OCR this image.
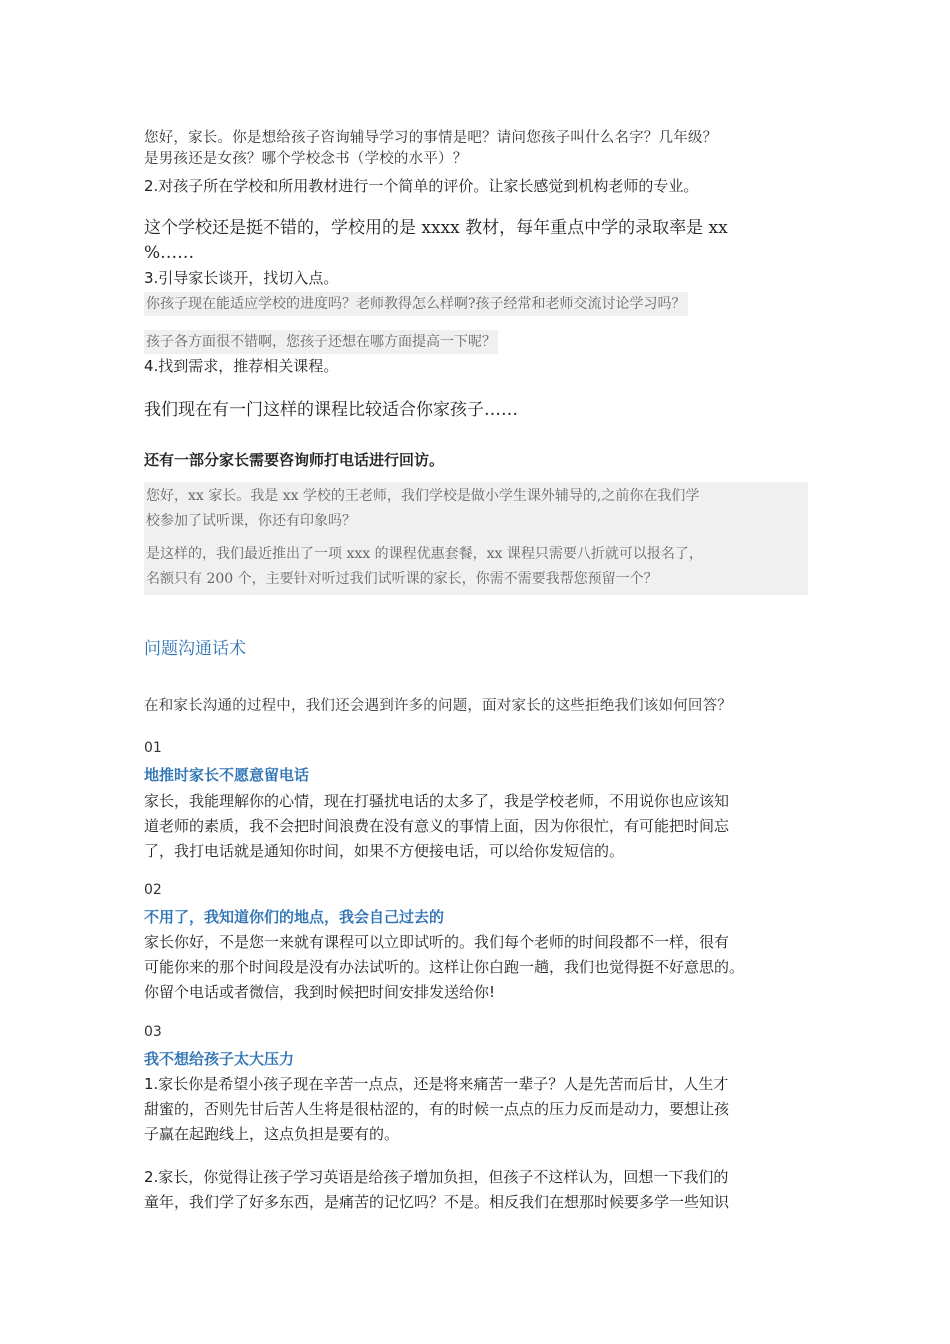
您好，家长。你是想给孩子咨询辅导学习的事情是吧？请问您孩子叫什么名字？几年级？
是男孩还是女孩？哪个学校念书（学校的水平）？
2.对孩子所在学校和所用教材进行一个简单的评价。让家长感觉到机构老师的专业。
这个学校还是挺不错的，学校用的是 xxxx 教材，每年重点中学的录取率是 xx
%……
3.引导家长谈开，找切入点。
你孩子现在能适应学校的进度吗？老师教得怎么样啊?孩子经常和老师交流讨论学习吗？
孩子各方面很不错啊，您孩子还想在哪方面提高一下呢？
4.找到需求，推荐相关课程。
我们现在有一门这样的课程比较适合你家孩子……
还有一部分家长需要咨询师打电话进行回访。
您好，xx 家长。我是 xx 学校的王老师，我们学校是做小学生课外辅导的,之前你在我们学
校参加了试听课，你还有印象吗？
是这样的，我们最近推出了一项 xxx 的课程优惠套餐，xx 课程只需要八折就可以报名了，
名额只有 200 个，主要针对听过我们试听课的家长，你需不需要我帮您预留一个？
问题沟通话术
在和家长沟通的过程中，我们还会遇到许多的问题，面对家长的这些拒绝我们该如何回答？
01
地推时家长不愿意留电话
家长，我能理解你的心情，现在打骚扰电话的太多了，我是学校老师，不用说你也应该知
道老师的素质，我不会把时间浪费在没有意义的事情上面，因为你很忙，有可能把时间忘
了，我打电话就是通知你时间，如果不方便接电话，可以给你发短信的。
02
不用了，我知道你们的地点，我会自己过去的
家长你好，不是您一来就有课程可以立即试听的。我们每个老师的时间段都不一样，很有
可能你来的那个时间段是没有办法试听的。这样让你白跑一趟，我们也觉得挺不好意思的。
你留个电话或者微信，我到时候把时间安排发送给你!
03
我不想给孩子太大压力
1.家长你是希望小孩子现在辛苦一点点，还是将来痛苦一辈子？人是先苦而后甘，人生才
甜蜜的，否则先甘后苦人生将是很枯涩的，有的时候一点点的压力反而是动力，要想让孩
子赢在起跑线上，这点负担是要有的。
2.家长，你觉得让孩子学习英语是给孩子增加负担，但孩子不这样认为，回想一下我们的
童年，我们学了好多东西，是痛苦的记忆吗？不是。相反我们在想那时候要多学一些知识
